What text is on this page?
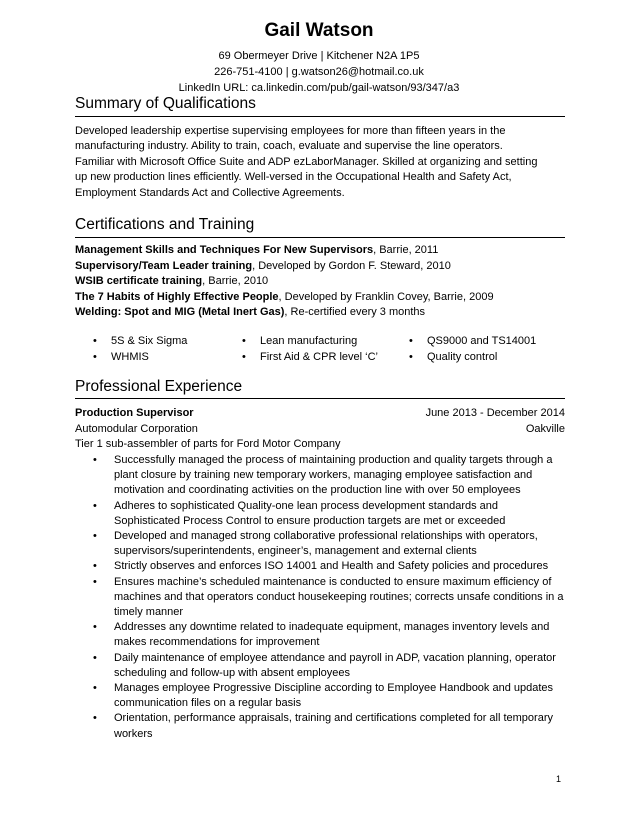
Gail Watson
69 Obermeyer Drive | Kitchener N2A 1P5
226-751-4100 | g.watson26@hotmail.co.uk
LinkedIn URL: ca.linkedin.com/pub/gail-watson/93/347/a3
Summary of Qualifications
Developed leadership expertise supervising employees for more than fifteen years in the
manufacturing industry. Ability to train, coach, evaluate and supervise the line operators.
Familiar with Microsoft Office Suite and ADP ezLaborManager. Skilled at organizing and setting
up new production lines efficiently. Well-versed in the Occupational Health and Safety Act,
Employment Standards Act and Collective Agreements.
Certifications and Training
Management Skills and Techniques For New Supervisors, Barrie, 2011
Supervisory/Team Leader training, Developed by Gordon F. Steward, 2010
WSIB certificate training, Barrie, 2010
The 7 Habits of Highly Effective People, Developed by Franklin Covey, Barrie, 2009
Welding: Spot and MIG (Metal Inert Gas), Re-certified every 3 months
• 5S & Six Sigma	• Lean manufacturing	• QS9000 and TS14001
• WHMIS	• First Aid & CPR level ‘C’	• Quality control
Professional Experience
Production Supervisor	June 2013 - December 2014
Automodular Corporation	Oakville
Tier 1 sub-assembler of parts for Ford Motor Company
• Successfully managed the process of maintaining production and quality targets through a plant closure by training new temporary workers, managing employee satisfaction and motivation and coordinating activities on the production line with over 50 employees
• Adheres to sophisticated Quality-one lean process development standards and Sophisticated Process Control to ensure production targets are met or exceeded
• Developed and managed strong collaborative professional relationships with operators, supervisors/superintendents, engineer’s, management and external clients
• Strictly observes and enforces ISO 14001 and Health and Safety policies and procedures
• Ensures machine’s scheduled maintenance is conducted to ensure maximum efficiency of machines and that operators conduct housekeeping routines; corrects unsafe conditions in a timely manner
• Addresses any downtime related to inadequate equipment, manages inventory levels and makes recommendations for improvement
• Daily maintenance of employee attendance and payroll in ADP, vacation planning, operator scheduling and follow-up with absent employees
• Manages employee Progressive Discipline according to Employee Handbook and updates communication files on a regular basis
• Orientation, performance appraisals, training and certifications completed for all temporary workers
1
